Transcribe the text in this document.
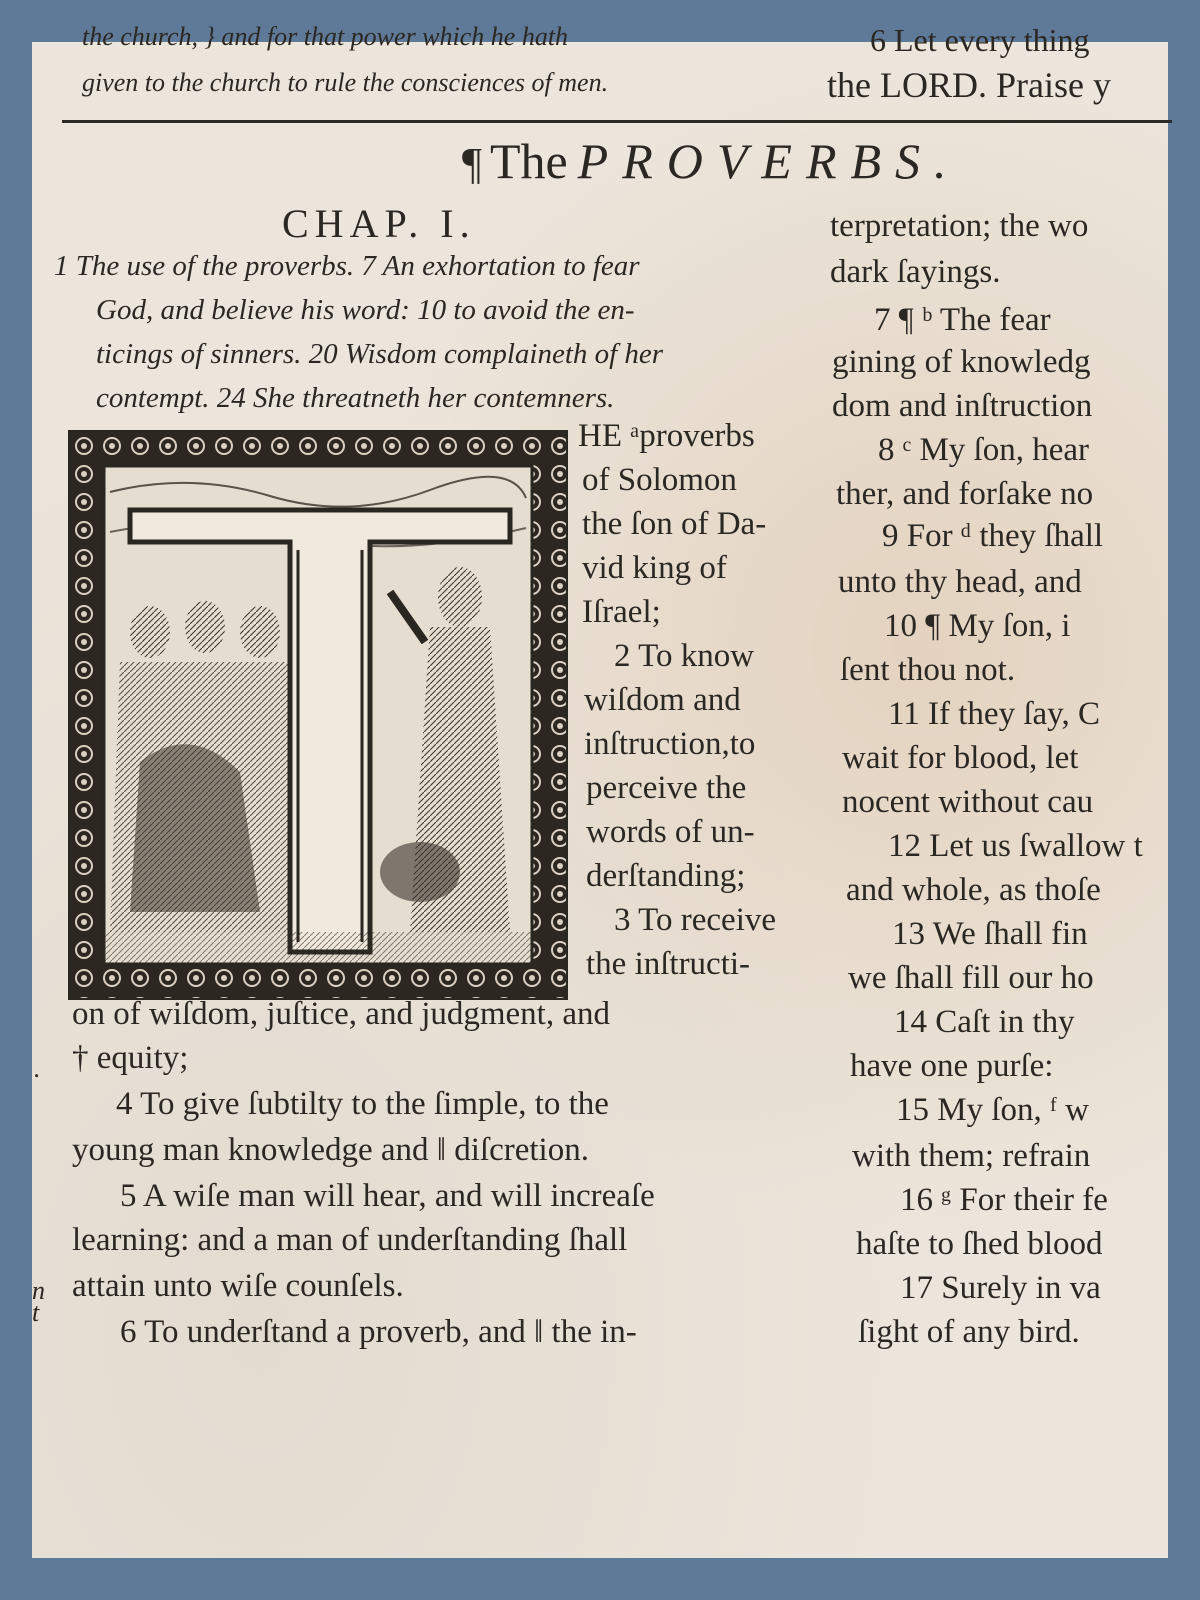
the church, } and for that power which he hath
given to the church to rule the consciences of men.
6 Let every thing
the LORD. Praise y
¶ The PROVERBS.
CHAP. I.
1 The use of the proverbs. 7 An exhortation to fear
God, and believe his word: 10 to avoid the en-
ticings of sinners. 20 Wisdom complaineth of her
contempt. 24 She threatneth her contemners.
HE ᵃproverbs
of Solomon
the ſon of Da-
vid king of
Iſrael;
2 To know
wiſdom and
inſtruction,to
perceive the
words of un-
derſtanding;
3 To receive
the inſtructi-
on of wiſdom, juſtice, and judgment, and
† equity;
4 To give ſubtilty to the ſimple, to the
young man knowledge and ‖ diſcretion.
5 A wiſe man will hear, and will increaſe
learning: and a man of underſtanding ſhall
attain unto wiſe counſels.
6 To underſtand a proverb, and ‖ the in-
.
n
t
terpretation; the wo
dark ſayings.
7 ¶ ᵇ The fear
gining of knowledg
dom and inſtruction
8 ᶜ My ſon, hear
ther, and forſake no
9 For ᵈ they ſhall
unto thy head, and
10 ¶ My ſon, i
ſent thou not.
11 If they ſay, C
wait for blood, let
nocent without cau
12 Let us ſwallow t
and whole, as thoſe
13 We ſhall fin
we ſhall fill our ho
14 Caſt in thy
have one purſe:
15 My ſon, ᶠ w
with them; refrain
16 ᵍ For their fe
haſte to ſhed blood
17 Surely in va
ſight of any bird.
